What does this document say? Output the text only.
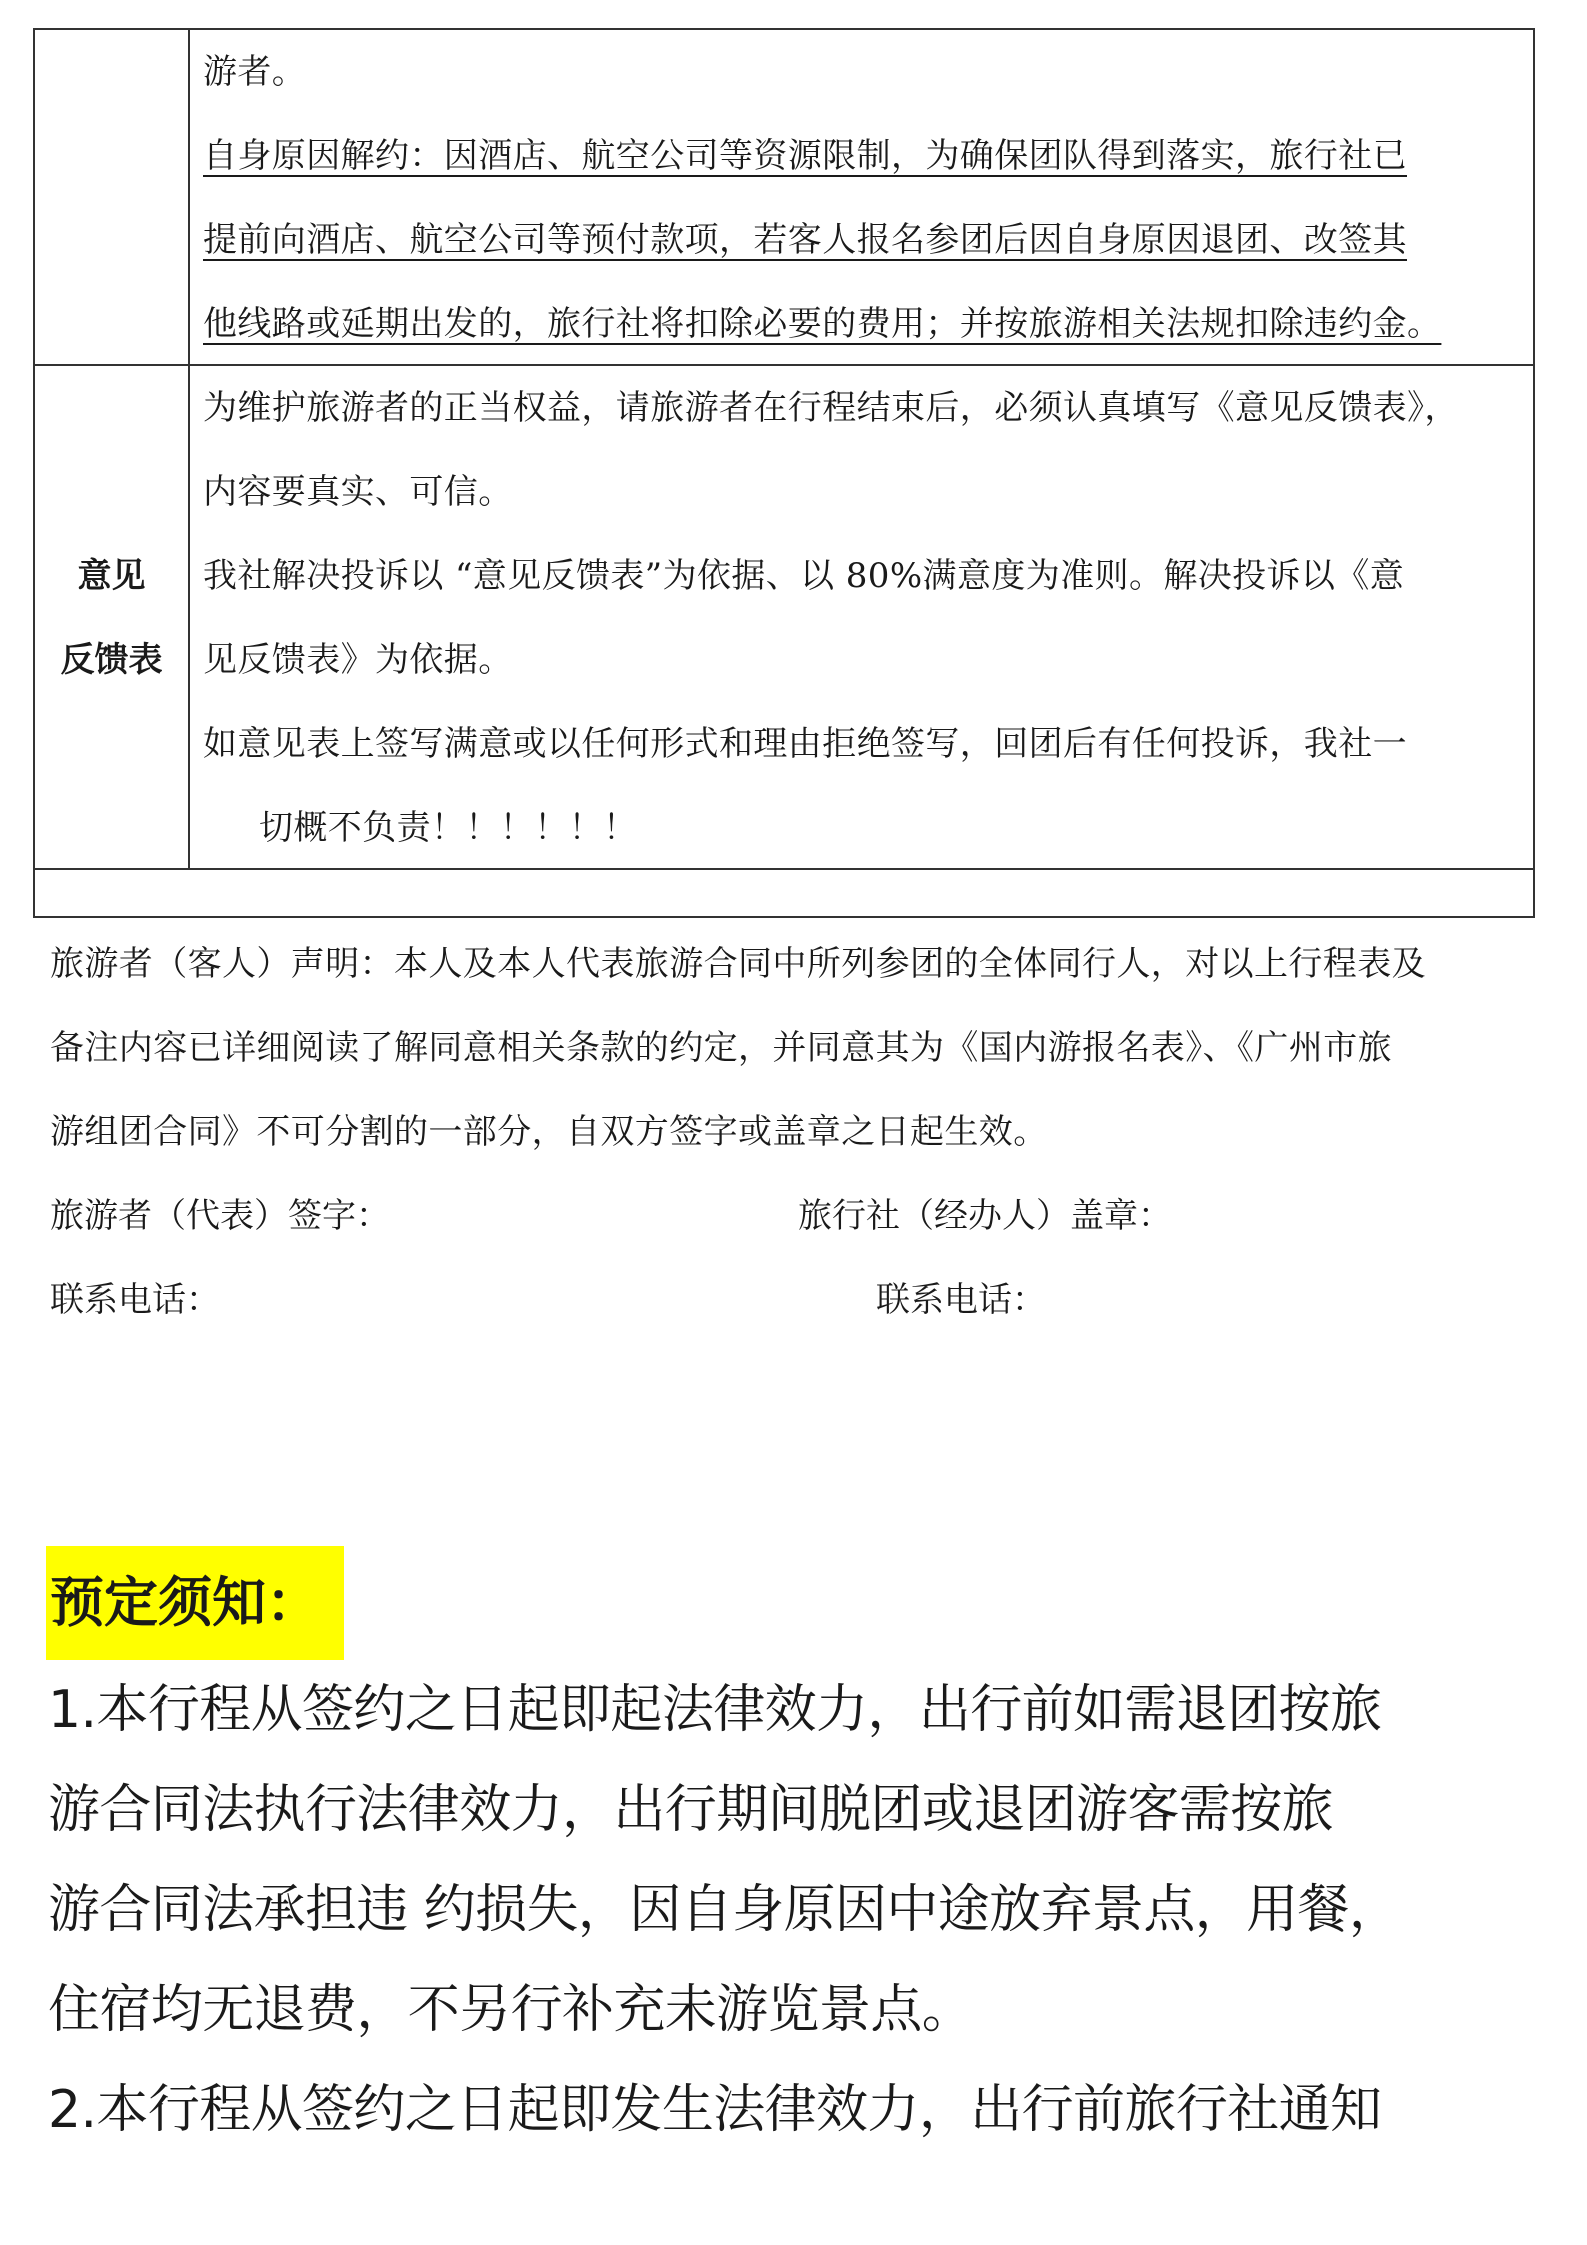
游者。

自身原因解约：因酒店、航空公司等资源限制，为确保团队得到落实，旅行社已

提前向酒店、航空公司等预付款项，若客人报名参团后因自身原因退团、改签其

他线路或延期出发的，旅行社将扣除必要的费用；并按旅游相关法规扣除违约金。

意见
反馈表

为维护旅游者的正当权益，请旅游者在行程结束后，必须认真填写《意见反馈表》，

内容要真实、可信。

我社解决投诉以 “意见反馈表”为依据、以 80%满意度为准则。解决投诉以《意

见反馈表》为依据。

如意见表上签写满意或以任何形式和理由拒绝签写，回团后有任何投诉，我社一

切概不负责！！！！！！

旅游者（客人）声明：本人及本人代表旅游合同中所列参团的全体同行人，对以上行程表及

备注内容已详细阅读了解同意相关条款的约定，并同意其为《国内游报名表》、《广州市旅

游组团合同》不可分割的一部分，自双方签字或盖章之日起生效。

旅游者（代表）签字：	旅行社（经办人）盖章：
联系电话：	联系电话：
预定须知：

1.本行程从签约之日起即起法律效力，出行前如需退团按旅

游合同法执行法律效力，出行期间脱团或退团游客需按旅

游合同法承担违 约损失，因自身原因中途放弃景点，用餐，

住宿均无退费，不另行补充未游览景点。

2.本行程从签约之日起即发生法律效力，出行前旅行社通知
